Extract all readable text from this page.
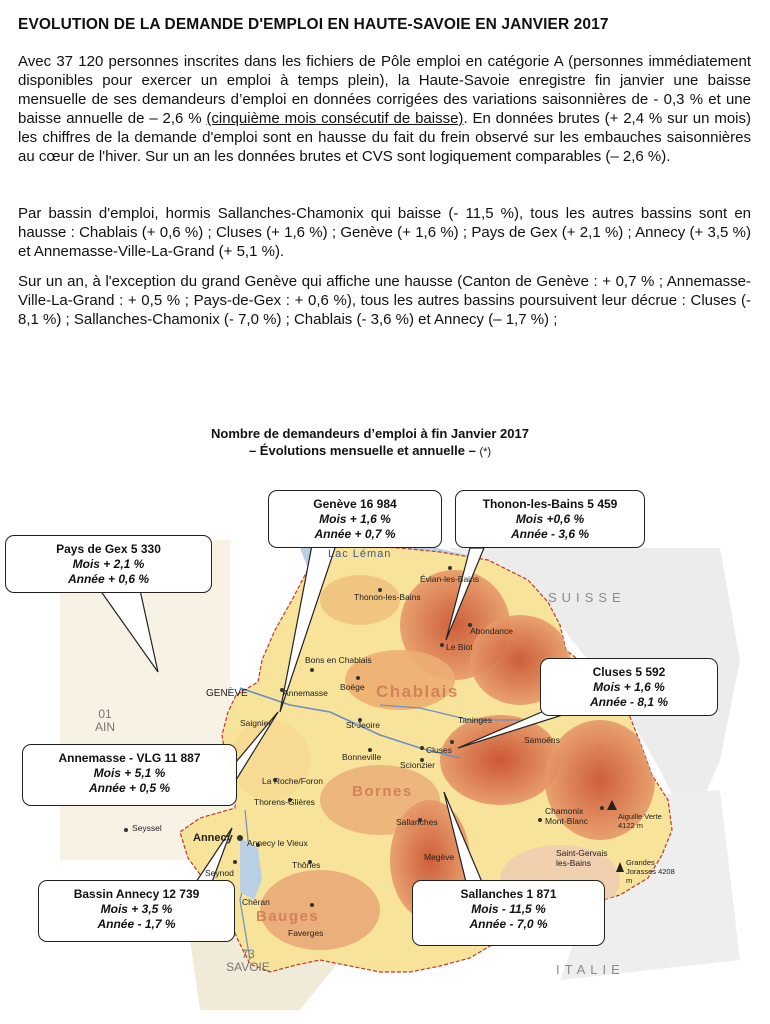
EVOLUTION DE LA DEMANDE D'EMPLOI EN HAUTE-SAVOIE EN JANVIER 2017

Avec 37 120 personnes inscrites dans les fichiers de Pôle emploi en catégorie A (personnes immédiatement disponibles pour exercer un emploi à temps plein), la Haute-Savoie enregistre fin janvier une baisse mensuelle de ses demandeurs d’emploi en données corrigées des variations saisonnières de - 0,3 % et une baisse annuelle de – 2,6 % (cinquième mois consécutif de baisse). En données brutes (+ 2,4 % sur un mois) les chiffres de la demande d'emploi sont en hausse du fait du frein observé sur les embauches saisonnières au cœur de l'hiver. Sur un an les données brutes et CVS sont logiquement comparables (– 2,6 %).

Par bassin d'emploi, hormis Sallanches-Chamonix qui baisse (- 11,5 %), tous les autres bassins sont en hausse : Chablais (+ 0,6 %) ; Cluses (+ 1,6 %) ; Genève (+ 1,6 %) ; Pays de Gex (+ 2,1 %) ; Annecy (+ 3,5 %) et Annemasse-Ville-La-Grand (+ 5,1 %).

Sur un an, à l'exception du grand Genève qui affiche une hausse (Canton de Genève : + 0,7 % ; Annemasse-Ville-La-Grand : + 0,5 % ; Pays-de-Gex : + 0,6 %), tous les autres bassins poursuivent leur décrue : Cluses (- 8,1 %) ; Sallanches-Chamonix (- 7,0 %) ; Chablais (- 3,6 %) et Annecy (– 1,7 %) ;

Nombre de demandeurs d’emploi à fin Janvier 2017
– Évolutions mensuelle et annuelle – (*)
Lac Léman
Évian-les-Bains
Thonon-les-Bains
Abondance
Le Biot
Bons en Chablais
Boëge
GENÈVE	Annemasse
St-Jeoire
Saignier	Taninges
Samoëns
Cluses
Scionzier
Bonneville
La Roche/Foron
Thorens-Glières
Sallanches
Chamonix Mont-Blanc	Aiguille Verte 4122 m
Grandes Jorasses 4208 m
Saint-Gervais les-Bains
Megève
Seyssel
Annecy Annecy le Vieux
Seynod
Thônes
Chéran
Faverges
Chablais
Bornes
Bauges
SUISSE
ITALIE
01
AIN
73
SAVOIE
Genève 16 984
Mois + 1,6 %
Année + 0,7 %
Thonon-les-Bains 5 459
Mois +0,6 %
Année - 3,6 %
Pays de Gex 5 330
Mois + 2,1 %
Année + 0,6 %
Cluses 5 592
Mois + 1,6 %
Année - 8,1 %
Annemasse - VLG 11 887
Mois + 5,1 %
Année + 0,5 %
Bassin Annecy 12 739
Mois + 3,5 %
Année - 1,7 %
Sallanches 1 871
Mois - 11,5 %
Année - 7,0 %
